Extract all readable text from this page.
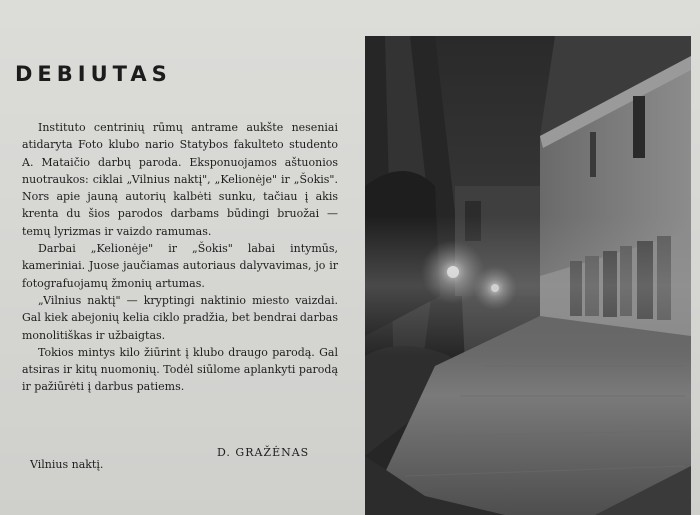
DEBIUTAS

Instituto centrinių rūmų antrame aukšte neseniai atidaryta Foto klubo nario Statybos fakulteto studento A. Mataičio darbų paroda. Eksponuojamos aštuonios nuotraukos: ciklai „Vilnius naktį", „Kelionėje" ir „Šokis". Nors apie jauną autorių kalbėti sunku, tačiau į akis krenta du šios parodos darbams būdingi bruožai — temų lyrizmas ir vaizdo ramumas.

Darbai „Kelionėje" ir „Šokis" labai intymūs, kameriniai. Juose jaučiamas autoriaus dalyvavimas, jo ir fotografuojamų žmonių artumas.

„Vilnius naktį" — kryptingi naktinio miesto vaizdai. Gal kiek abejonių kelia ciklo pradžia, bet bendrai darbas monolitiškas ir užbaigtas.

Tokios mintys kilo žiūrint į klubo draugo parodą. Gal atsiras ir kitų nuomonių. Todėl siūlome aplankyti parodą ir pažiūrėti į darbus patiems.

D. GRAŽĖNAS
Vilnius naktį.
